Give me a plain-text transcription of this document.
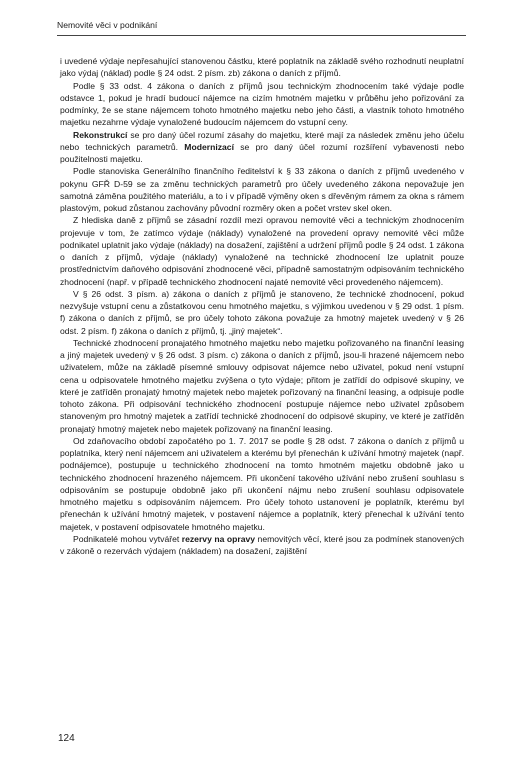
Nemovité věci v podnikání

i uvedené výdaje nepřesahující stanovenou částku, které poplatník na základě svého rozhodnutí neuplatní jako výdaj (náklad) podle § 24 odst. 2 písm. zb) zákona o daních z příjmů.

Podle § 33 odst. 4 zákona o daních z příjmů jsou technickým zhodnocením také výdaje podle odstavce 1, pokud je hradí budoucí nájemce na cizím hmotném majetku v průběhu jeho pořizování za podmínky, že se stane nájemcem tohoto hmotného majetku nebo jeho části, a vlastník tohoto hmotného majetku nezahrne výdaje vynaložené budoucím nájemcem do vstupní ceny.

Rekonstrukcí se pro daný účel rozumí zásahy do majetku, které mají za následek změnu jeho účelu nebo technických parametrů. Modernizací se pro daný účel rozumí rozšíření vybavenosti nebo použitelnosti majetku.

Podle stanoviska Generálního finančního ředitelství k § 33 zákona o daních z příjmů uvedeného v pokynu GFŘ D-59 se za změnu technických parametrů pro účely uvedeného zákona nepovažuje jen samotná záměna použitého materiálu, a to i v případě výměny oken s dřevěným rámem za okna s rámem plastovým, pokud zůstanou zachovány původní rozměry oken a počet vrstev skel oken.

Z hlediska daně z příjmů se zásadní rozdíl mezi opravou nemovité věci a technickým zhodnocením projevuje v tom, že zatímco výdaje (náklady) vynaložené na provedení opravy nemovité věci může podnikatel uplatnit jako výdaje (náklady) na dosažení, zajištění a udržení příjmů podle § 24 odst. 1 zákona o daních z příjmů, výdaje (náklady) vynaložené na technické zhodnocení lze uplatnit pouze prostřednictvím daňového odpisování zhodnocené věci, případně samostatným odpisováním technického zhodnocení (např. v případě technického zhodnocení najaté nemovité věci provedeného nájemcem).

V § 26 odst. 3 písm. a) zákona o daních z příjmů je stanoveno, že technické zhodnocení, pokud nezvyšuje vstupní cenu a zůstatkovou cenu hmotného majetku, s výjimkou uvedenou v § 29 odst. 1 písm. f) zákona o daních z příjmů, se pro účely tohoto zákona považuje za hmotný majetek uvedený v § 26 odst. 2 písm. f) zákona o daních z příjmů, tj. „jiný majetek“.

Technické zhodnocení pronajatého hmotného majetku nebo majetku pořizovaného na finanční leasing a jiný majetek uvedený v § 26 odst. 3 písm. c) zákona o daních z příjmů, jsou-li hrazené nájemcem nebo uživatelem, může na základě písemné smlouvy odpisovat nájemce nebo uživatel, pokud není vstupní cena u odpisovatele hmotného majetku zvýšena o tyto výdaje; přitom je zatřídí do odpisové skupiny, ve které je zatříděn pronajatý hmotný majetek nebo majetek pořizovaný na finanční leasing, a odpisuje podle tohoto zákona. Při odpisování technického zhodnocení postupuje nájemce nebo uživatel způsobem stanoveným pro hmotný majetek a zatřídí technické zhodnocení do odpisové skupiny, ve které je zatříděn pronajatý hmotný majetek nebo majetek pořizovaný na finanční leasing.

Od zdaňovacího období započatého po 1. 7. 2017 se podle § 28 odst. 7 zákona o daních z příjmů u poplatníka, který není nájemcem ani uživatelem a kterému byl přenechán k užívání hmotný majetek (např. podnájemce), postupuje u technického zhodnocení na tomto hmotném majetku obdobně jako u technického zhodnocení hrazeného nájemcem. Při ukončení takového užívání nebo zrušení souhlasu s odpisováním se postupuje obdobně jako při ukončení nájmu nebo zrušení souhlasu odpisovatele hmotného majetku s odpisováním nájemcem. Pro účely tohoto ustanovení je poplatník, kterému byl přenechán k užívání hmotný majetek, v postavení nájemce a poplatník, který přenechal k užívání tento majetek, v postavení odpisovatele hmotného majetku.

Podnikatelé mohou vytvářet rezervy na opravy nemovitých věcí, které jsou za podmínek stanovených v zákoně o rezervách výdajem (nákladem) na dosažení, zajištění

124
